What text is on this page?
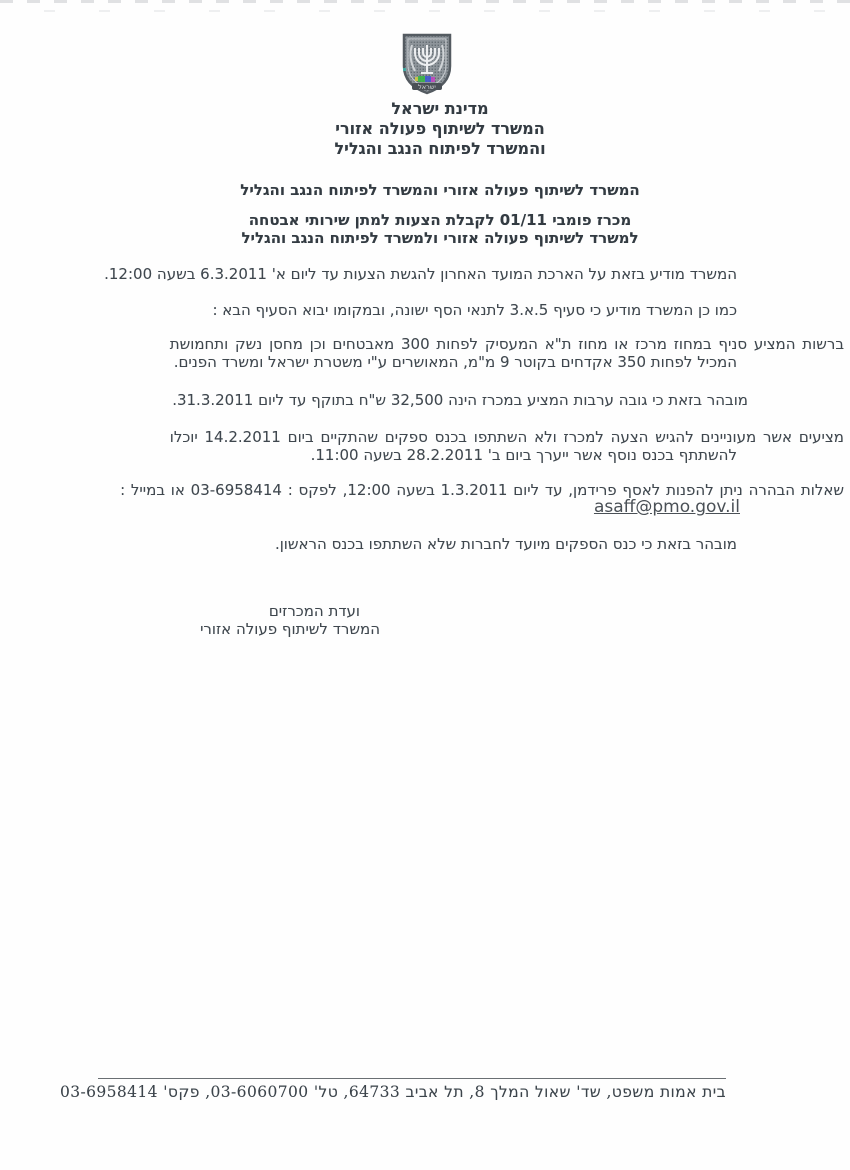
ישראל
מדינת ישראל
המשרד לשיתוף פעולה אזורי
והמשרד לפיתוח הנגב והגליל
המשרד לשיתוף פעולה אזורי והמשרד לפיתוח הנגב והגליל
מכרז פומבי 01/11 לקבלת הצעות למתן שירותי אבטחה
למשרד לשיתוף פעולה אזורי ולמשרד לפיתוח הנגב והגליל
המשרד מודיע בזאת על הארכת המועד האחרון להגשת הצעות עד ליום א' 6.3.2011 בשעה 12:00.
כמו כן המשרד מודיע כי סעיף 5.א.3 לתנאי הסף ישונה, ובמקומו יבוא הסעיף הבא :
ברשות המציע סניף במחוז מרכז או מחוז ת"א המעסיק לפחות 300 מאבטחים וכן מחסן נשק ותחמושת
המכיל לפחות 350 אקדחים בקוטר 9 מ"מ, המאושרים ע"י משטרת ישראל ומשרד הפנים.
מובהר בזאת כי גובה ערבות המציע במכרז הינה 32,500 ש"ח בתוקף עד ליום 31.3.2011.
מציעים אשר מעוניינים להגיש הצעה למכרז ולא השתתפו בכנס ספקים שהתקיים ביום 14.2.2011 יוכלו
להשתתף בכנס נוסף אשר ייערך ביום ב' 28.2.2011 בשעה 11:00.
שאלות הבהרה ניתן להפנות לאסף פרידמן, עד ליום 1.3.2011 בשעה 12:00, לפקס : 03-6958414 או במייל :
asaff@pmo.gov.il
מובהר בזאת כי כנס הספקים מיועד לחברות שלא השתתפו בכנס הראשון.
ועדת המכרזים
המשרד לשיתוף פעולה אזורי
בית אמות משפט, שד' שאול המלך 8, תל אביב 64733, טל' 03-6060700, פקס' 03-6958414
